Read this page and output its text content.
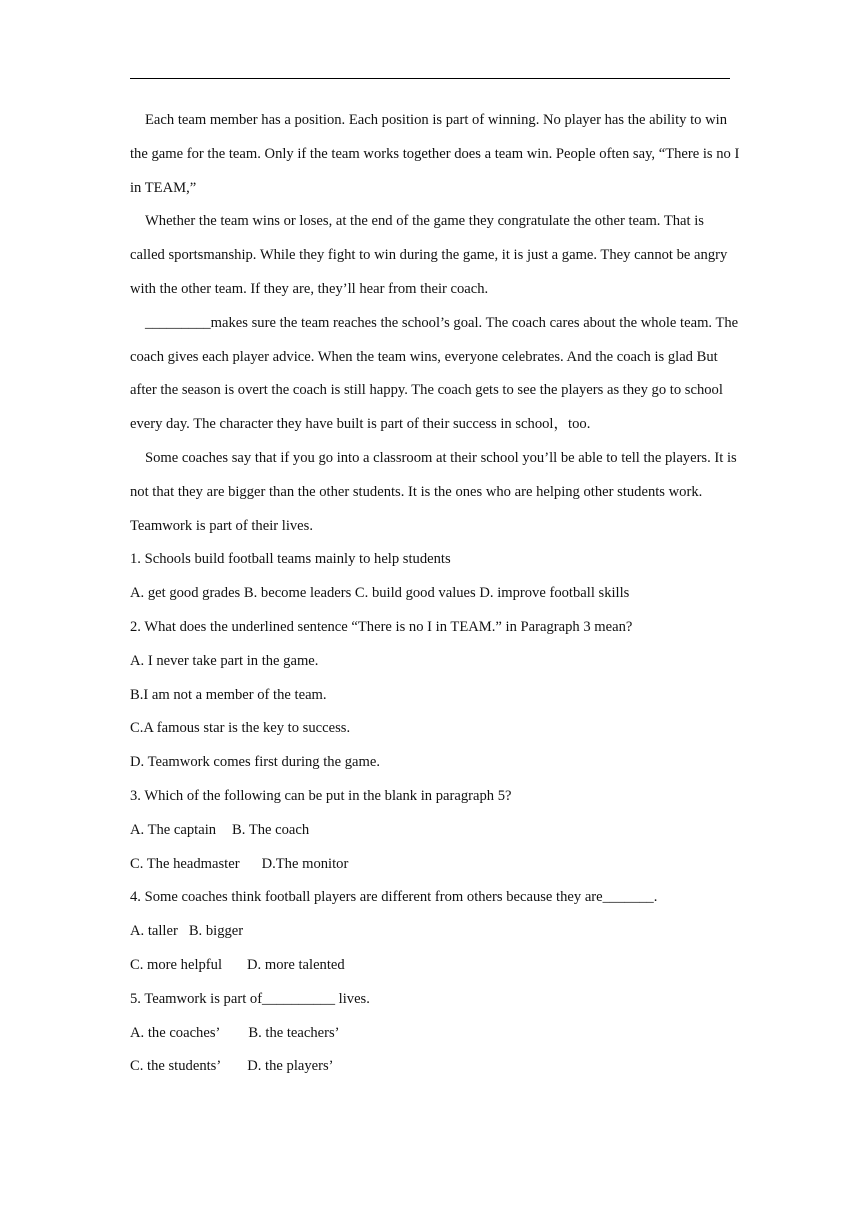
Each team member has a position. Each position is part of winning. No player has the ability to win the game for the team. Only if the team works together does a team win. People often say, “There is no I in TEAM,”

Whether the team wins or loses, at the end of the game they congratulate the other team. That is called sportsmanship. While they fight to win during the game, it is just a game. They cannot be angry with the other team. If they are, they’ll hear from their coach.

_________makes sure the team reaches the school’s goal. The coach cares about the whole team. The coach gives each player advice. When the team wins, everyone celebrates. And the coach is glad But after the season is overt the coach is still happy. The coach gets to see the players as they go to school every day. The character they have built is part of their success in school，too.

Some coaches say that if you go into a classroom at their school you’ll be able to tell the players. It is not that they are bigger than the other students. It is the ones who are helping other students work. Teamwork is part of their lives.

1. Schools build football teams mainly to help students

A. get good grades B. become leaders C. build good values D. improve football skills

2. What does the underlined sentence “There is no I in TEAM.” in Paragraph 3 mean?

A. I never take part in the game.

B.I am not a member of the team.

C.A famous star is the key to success.

D. Teamwork comes first during the game.

3. Which of the following can be put in the blank in paragraph 5?

A. The captain B. The coach

C. The headmaster D.The monitor

4. Some coaches think football players are different from others because they are_______.

A. taller B. bigger

C. more helpful D. more talented

5. Teamwork is part of__________ lives.

A. the coaches’ B. the teachers’

C. the students’ D. the players’
